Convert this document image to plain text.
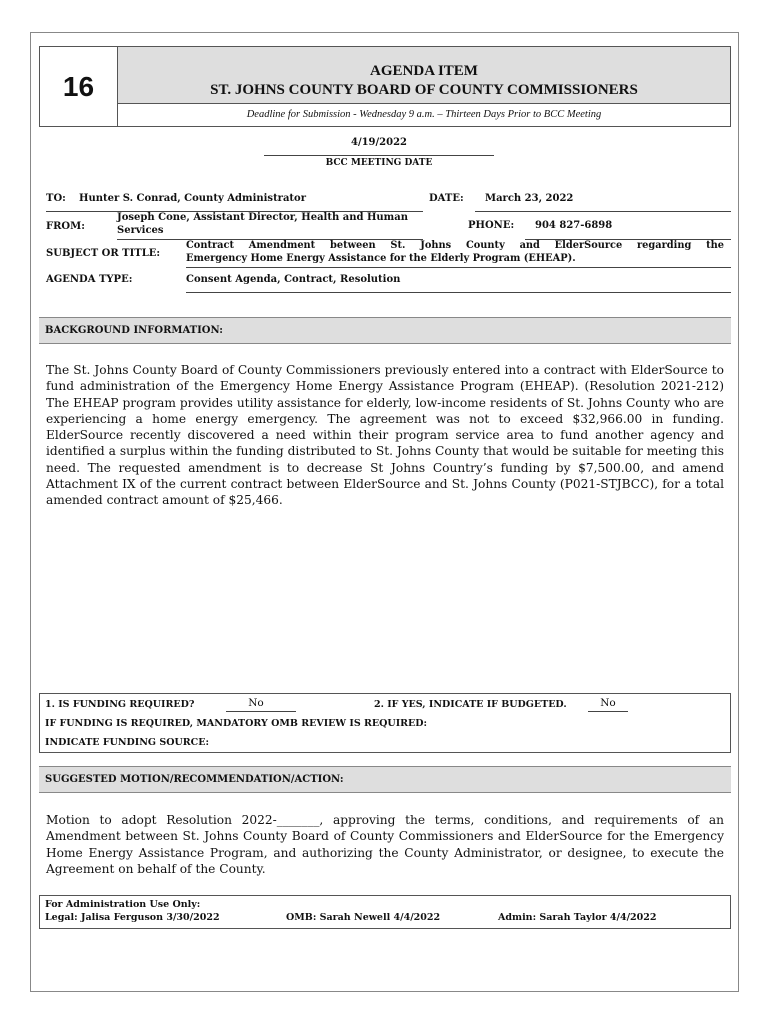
16	AGENDA ITEM
ST. JOHNS COUNTY BOARD OF COUNTY COMMISSIONERS
Deadline for Submission - Wednesday 9 a.m. – Thirteen Days Prior to BCC Meeting
4/19/2022
BCC MEETING DATE
TO: Hunter S. Conrad, County Administrator	DATE: March 23, 2022
FROM:
Joseph Cone, Assistant Director, Health and Human
Services	PHONE: 904 827-6898
SUBJECT OR TITLE:
Contract Amendment between St. Johns County and ElderSource regarding the
Emergency Home Energy Assistance for the Elderly Program (EHEAP).
AGENDA TYPE:	Consent Agenda, Contract, Resolution
BACKGROUND INFORMATION:
The St. Johns County Board of County Commissioners previously entered into a contract with ElderSource to fund administration of the Emergency Home Energy Assistance Program (EHEAP). (Resolution 2021-212) The EHEAP program provides utility assistance for elderly, low-income residents of St. Johns County who are experiencing a home energy emergency. The agreement was not to exceed $32,966.00 in funding. ElderSource recently discovered a need within their program service area to fund another agency and identified a surplus within the funding distributed to St. Johns County that would be suitable for meeting this need. The requested amendment is to decrease St Johns Country’s funding by $7,500.00, and amend Attachment IX of the current contract between ElderSource and St. Johns County (P021-STJBCC), for a total amended contract amount of $25,466.
1. IS FUNDING REQUIRED?	No	2. IF YES, INDICATE IF BUDGETED.	No
IF FUNDING IS REQUIRED, MANDATORY OMB REVIEW IS REQUIRED:
INDICATE FUNDING SOURCE:
SUGGESTED MOTION/RECOMMENDATION/ACTION:
Motion to adopt Resolution 2022-_______, approving the terms, conditions, and requirements of an Amendment between St. Johns County Board of County Commissioners and ElderSource for the Emergency Home Energy Assistance Program, and authorizing the County Administrator, or designee, to execute the Agreement on behalf of the County.
For Administration Use Only:
Legal: Jalisa Ferguson 3/30/2022	OMB: Sarah Newell 4/4/2022	Admin: Sarah Taylor 4/4/2022
